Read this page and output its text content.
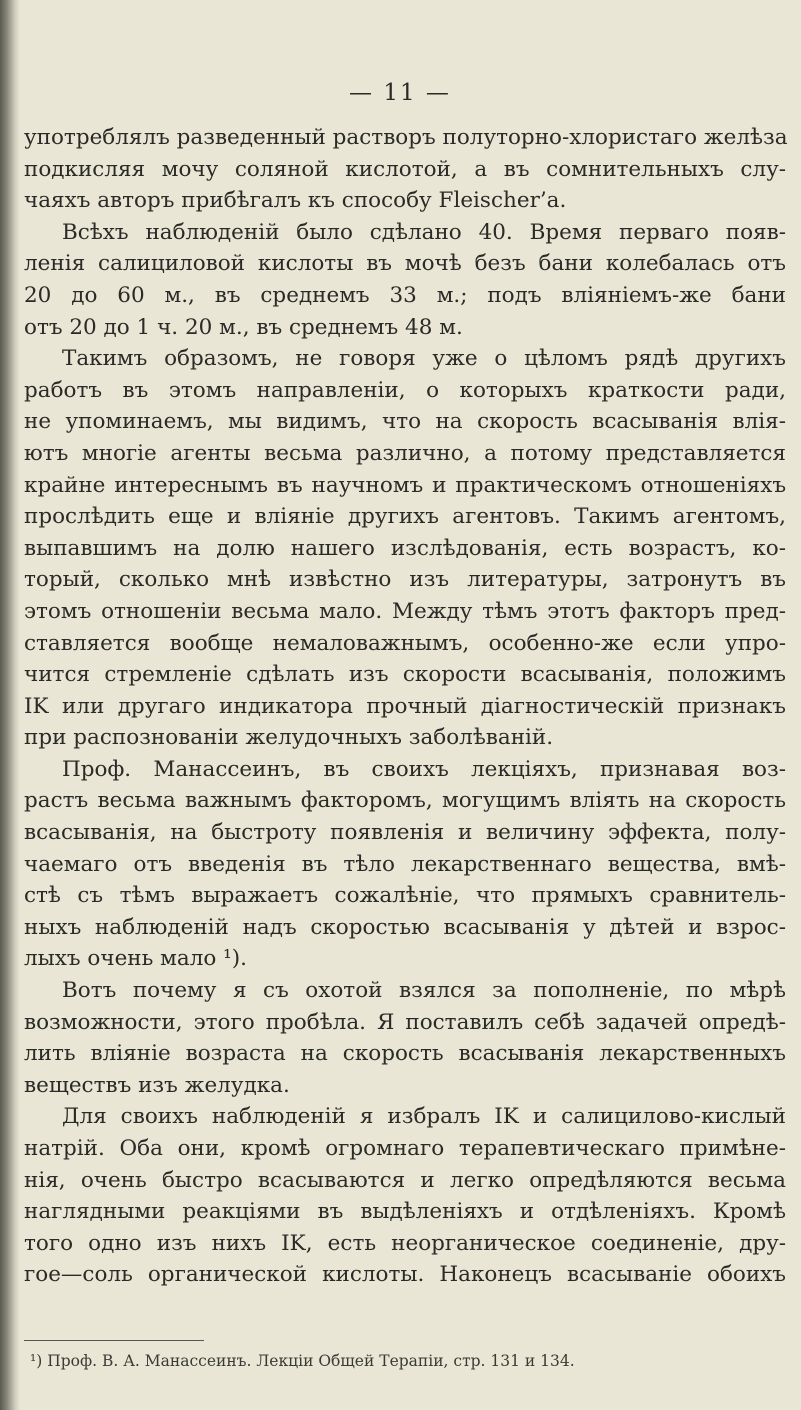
— 11 —
употреблялъ разведенный растворъ полуторно-хлористаго желѣза
подкисляя мочу соляной кислотой, а въ сомнительныхъ слу-
чаяхъ авторъ прибѣгалъ къ способу Fleischer’a.
Всѣхъ наблюденій было сдѣлано 40. Время перваго появ-
ленія салициловой кислоты въ мочѣ безъ бани колебалась отъ
20 до 60 м., въ среднемъ 33 м.; подъ вліяніемъ-же бани
отъ 20 до 1 ч. 20 м., въ среднемъ 48 м.
Такимъ образомъ, не говоря уже о цѣломъ рядѣ другихъ
работъ въ этомъ направленіи, о которыхъ краткости ради,
не упоминаемъ, мы видимъ, что на скорость всасыванія влія-
ютъ многіе агенты весьма различно, а потому представляется
крайне интереснымъ въ научномъ и практическомъ отношеніяхъ
прослѣдить еще и вліяніе другихъ агентовъ. Такимъ агентомъ,
выпавшимъ на долю нашего изслѣдованія, есть возрастъ, ко-
торый, сколько мнѣ извѣстно изъ литературы, затронутъ въ
этомъ отношеніи весьма мало. Между тѣмъ этотъ факторъ пред-
ставляется вообще немаловажнымъ, особенно-же если упро-
чится стремленіе сдѣлать изъ скорости всасыванія, положимъ
IK или другаго индикатора прочный діагностическій признакъ
при распознованіи желудочныхъ заболѣваній.
Проф. Манассеинъ, въ своихъ лекціяхъ, признавая воз-
растъ весьма важнымъ факторомъ, могущимъ вліять на скорость
всасыванія, на быстроту появленія и величину эффекта, полу-
чаемаго отъ введенія въ тѣло лекарственнаго вещества, вмѣ-
стѣ съ тѣмъ выражаетъ сожалѣніе, что прямыхъ сравнитель-
ныхъ наблюденій надъ скоростью всасыванія у дѣтей и взрос-
лыхъ очень мало ¹).
Вотъ почему я съ охотой взялся за пополненіе, по мѣрѣ
возможности, этого пробѣла. Я поставилъ себѣ задачей опредѣ-
лить вліяніе возраста на скорость всасыванія лекарственныхъ
веществъ изъ желудка.
Для своихъ наблюденій я избралъ IK и салицилово-кислый
натрій. Оба они, кромѣ огромнаго терапевтическаго примѣне-
нія, очень быстро всасываются и легко опредѣляются весьма
наглядными реакціями въ выдѣленіяхъ и отдѣленіяхъ. Кромѣ
того одно изъ нихъ IK, есть неорганическое соединеніе, дру-
гое—соль органической кислоты. Наконецъ всасываніе обоихъ
¹) Проф. В. А. Манассеинъ. Лекціи Общей Терапіи, стр. 131 и 134.
